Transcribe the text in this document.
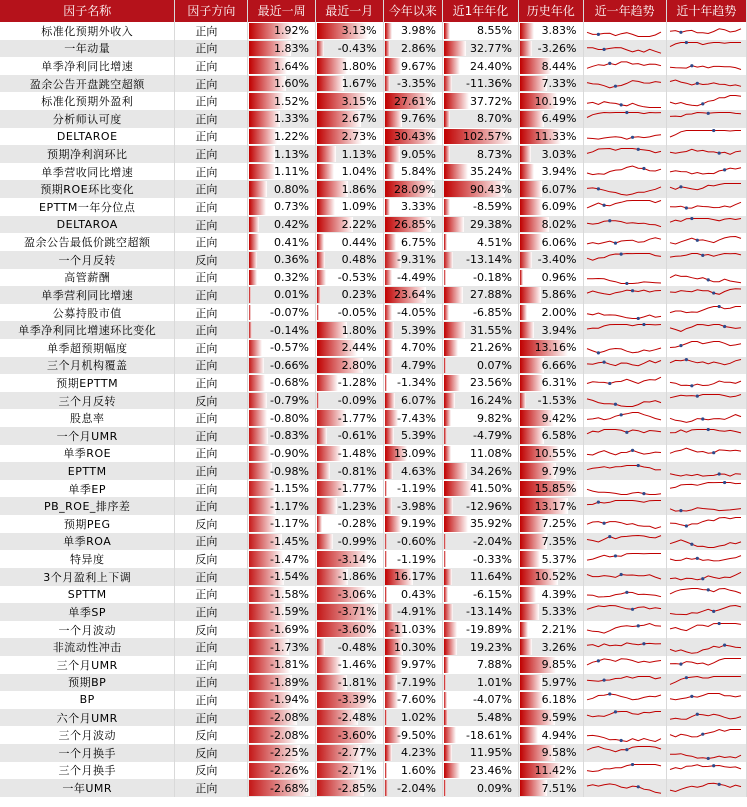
因子名称	因子方向	最近一周	最近一月	今年以来	近1年年化	历史年化	近一年趋势	近十年趋势
标准化预期外收入	正向	1.92%	3.13%	3.98%	8.55%	3.83%

一年动量	正向	1.83%	-0.43%	2.86%	32.77%	-3.26%

单季净利同比增速	正向	1.64%	1.80%	9.67%	24.40%	8.44%

盈余公告开盘跳空超额	正向	1.60%	1.67%	-3.35%	-11.36%	7.33%

标准化预期外盈利	正向	1.52%	3.15%	27.61%	37.72%	10.19%

分析师认可度	正向	1.33%	2.67%	9.76%	8.70%	6.49%

DELTAROE	正向	1.22%	2.73%	30.43%	102.57%	11.33%

预期净利润环比	正向	1.13%	1.13%	9.05%	8.73%	3.03%

单季营收同比增速	正向	1.11%	1.04%	5.84%	35.24%	3.94%

预期ROE环比变化	正向	0.80%	1.86%	28.09%	90.43%	6.07%

EPTTM一年分位点	正向	0.73%	1.09%	3.33%	-8.59%	6.09%

DELTAROA	正向	0.42%	2.22%	26.85%	29.38%	8.02%

盈余公告最低价跳空超额	正向	0.41%	0.44%	6.75%	4.51%	6.06%

一个月反转	反向	0.36%	0.48%	-9.31%	-13.14%	-3.40%

高管薪酬	正向	0.32%	-0.53%	-4.49%	-0.18%	0.96%

单季营利同比增速	正向	0.01%	0.23%	23.64%	27.88%	5.86%

公募持股市值	正向	-0.07%	-0.05%	-4.05%	-6.85%	2.00%

单季净利同比增速环比变化	正向	-0.14%	1.80%	5.39%	31.55%	3.94%

单季超预期幅度	正向	-0.57%	2.44%	4.70%	21.26%	13.16%

三个月机构覆盖	正向	-0.66%	2.80%	4.79%	0.07%	6.66%

预期EPTTM	正向	-0.68%	-1.28%	-1.34%	23.56%	6.31%

三个月反转	反向	-0.79%	-0.09%	6.07%	16.24%	-1.53%

股息率	正向	-0.80%	-1.77%	-7.43%	9.82%	9.42%

一个月UMR	正向	-0.83%	-0.61%	5.39%	-4.79%	6.58%

单季ROE	正向	-0.90%	-1.48%	13.09%	11.08%	10.55%

EPTTM	正向	-0.98%	-0.81%	4.63%	34.26%	9.79%

单季EP	正向	-1.15%	-1.77%	-1.19%	41.50%	15.85%

PB_ROE_排序差	正向	-1.17%	-1.23%	-3.98%	-12.96%	13.17%

预期PEG	反向	-1.17%	-0.28%	9.19%	35.92%	7.25%

单季ROA	正向	-1.45%	-0.99%	-0.60%	-2.04%	7.35%

特异度	反向	-1.47%	-3.14%	-1.19%	-0.33%	5.37%

3个月盈利上下调	正向	-1.54%	-1.86%	16.17%	11.64%	10.52%

SPTTM	正向	-1.58%	-3.06%	0.43%	-6.15%	4.39%

单季SP	正向	-1.59%	-3.71%	-4.91%	-13.14%	5.33%

一个月波动	反向	-1.69%	-3.60%	-11.03%	-19.89%	2.21%

非流动性冲击	正向	-1.73%	-0.48%	10.30%	19.23%	3.26%

三个月UMR	正向	-1.81%	-1.46%	9.97%	7.88%	9.85%

预期BP	正向	-1.89%	-1.81%	-7.19%	1.01%	5.97%

BP	正向	-1.94%	-3.39%	-7.60%	-4.07%	6.18%

六个月UMR	正向	-2.08%	-2.48%	1.02%	5.48%	9.59%

三个月波动	反向	-2.08%	-3.60%	-9.50%	-18.61%	4.94%

一个月换手	反向	-2.25%	-2.77%	4.23%	11.95%	9.58%

三个月换手	反向	-2.26%	-2.71%	1.60%	23.46%	11.42%

一年UMR	正向	-2.68%	-2.85%	-2.04%	0.09%	7.51%
